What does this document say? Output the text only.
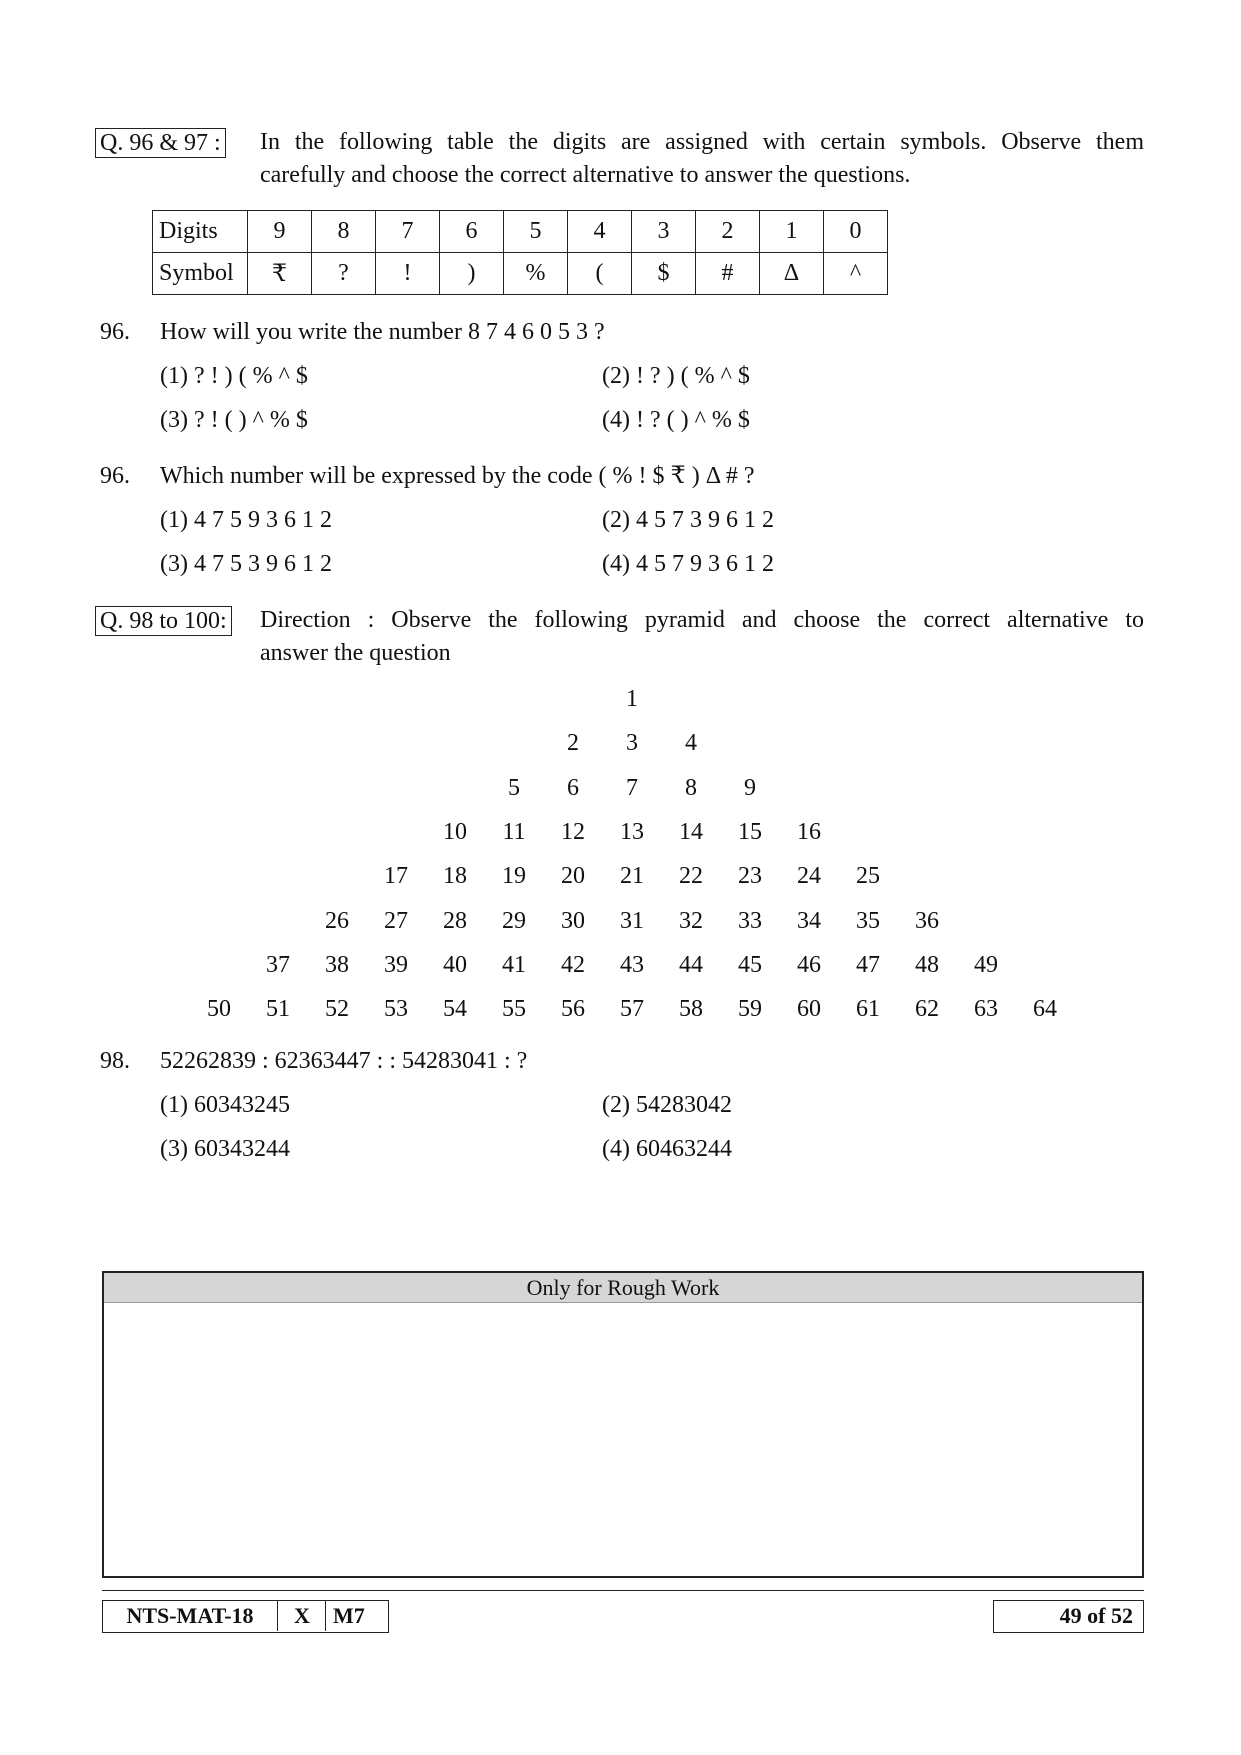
Q. 96 & 97 : In the following table the digits are assigned with certain symbols. Observe them
carefully and choose the correct alternative to answer the questions.
Digits	9	8	7	6	5	4	3	2	1	0
Symbol	₹	?	!	)	%	(	$	#	Δ	^
96. How will you write the number 8 7 4 6 0 5 3 ?
(1) ? ! ) ( % ^ $	(2) ! ? ) ( % ^ $
(3) ? ! ( ) ^ % $	(4) ! ? ( ) ^ % $
96. Which number will be expressed by the code ( % ! $ ₹ ) Δ # ?
(1) 4 7 5 9 3 6 1 2	(2) 4 5 7 3 9 6 1 2
(3) 4 7 5 3 9 6 1 2	(4) 4 5 7 9 3 6 1 2
Q. 98 to 100: Direction : Observe the following pyramid and choose the correct alternative to
answer the question
1
2	3	4
5	6	7	8	9
10	11	12	13	14	15	16
17	18	19	20	21	22	23	24	25
26	27	28	29	30	31	32	33	34	35	36
37	38	39	40	41	42	43	44	45	46	47	48	49
50	51	52	53	54	55	56	57	58	59	60	61	62	63	64
98. 52262839 : 62363447 : : 54283041 : ?
(1) 60343245	(2) 54283042
(3) 60343244	(4) 60463244
Only for Rough Work
NTS-MAT-18	X	M7	49 of 52
